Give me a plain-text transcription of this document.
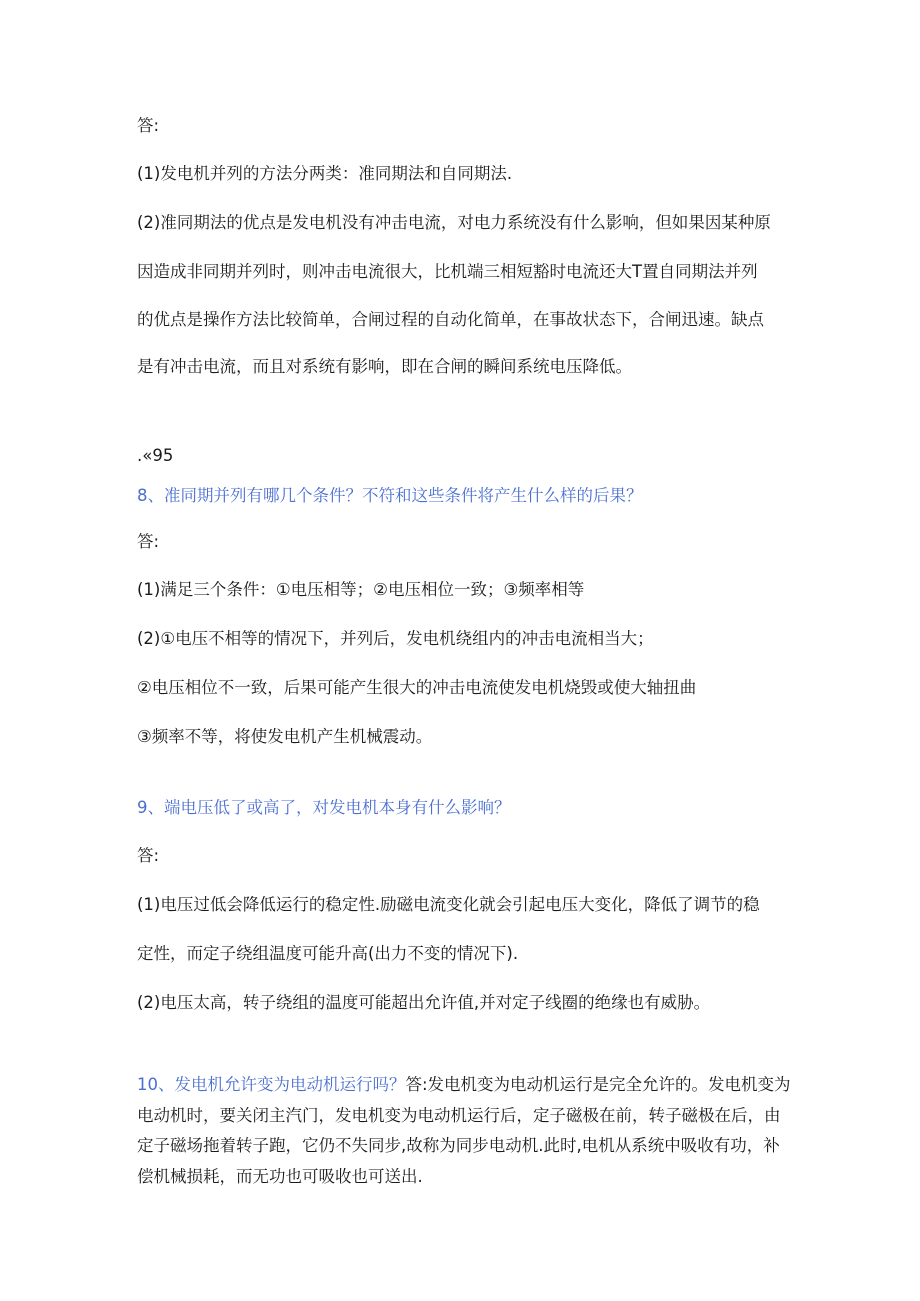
答:

(1)发电机并列的方法分两类：准同期法和自同期法.

(2)准同期法的优点是发电机没有冲击电流，对电力系统没有什么影响，但如果因某种原

因造成非同期并列时，则冲击电流很大，比机端三相短豁时电流还大T置自同期法并列

的优点是操作方法比较简单，合闸过程的自动化简单，在事故状态下，合闸迅速。缺点

是有冲击电流，而且对系统有影响，即在合闸的瞬间系统电压降低。

.«95

8、准同期并列有哪几个条件？不符和这些条件将产生什么样的后果？

答:

(1)满足三个条件：①电压相等；②电压相位一致；③频率相等

(2)①电压不相等的情况下，并列后，发电机绕组内的冲击电流相当大；

②电压相位不一致，后果可能产生很大的冲击电流使发电机烧毁或使大轴扭曲

③频率不等，将使发电机产生机械震动。

9、端电压低了或高了，对发电机本身有什么影响？

答:

(1)电压过低会降低运行的稳定性.励磁电流变化就会引起电压大变化，降低了调节的稳

定性，而定子绕组温度可能升高(出力不变的情况下).

(2)电压太高，转子绕组的温度可能超出允许值,并对定子线圈的绝缘也有威胁。

10、发电机允许变为电动机运行吗？答:发电机变为电动机运行是完全允许的。发电机变为电动机时，要关闭主汽门，发电机变为电动机运行后，定子磁极在前，转子磁极在后，由定子磁场拖着转子跑，它仍不失同步,故称为同步电动机.此时,电机从系统中吸收有功，补偿机械损耗，而无功也可吸收也可送出.
